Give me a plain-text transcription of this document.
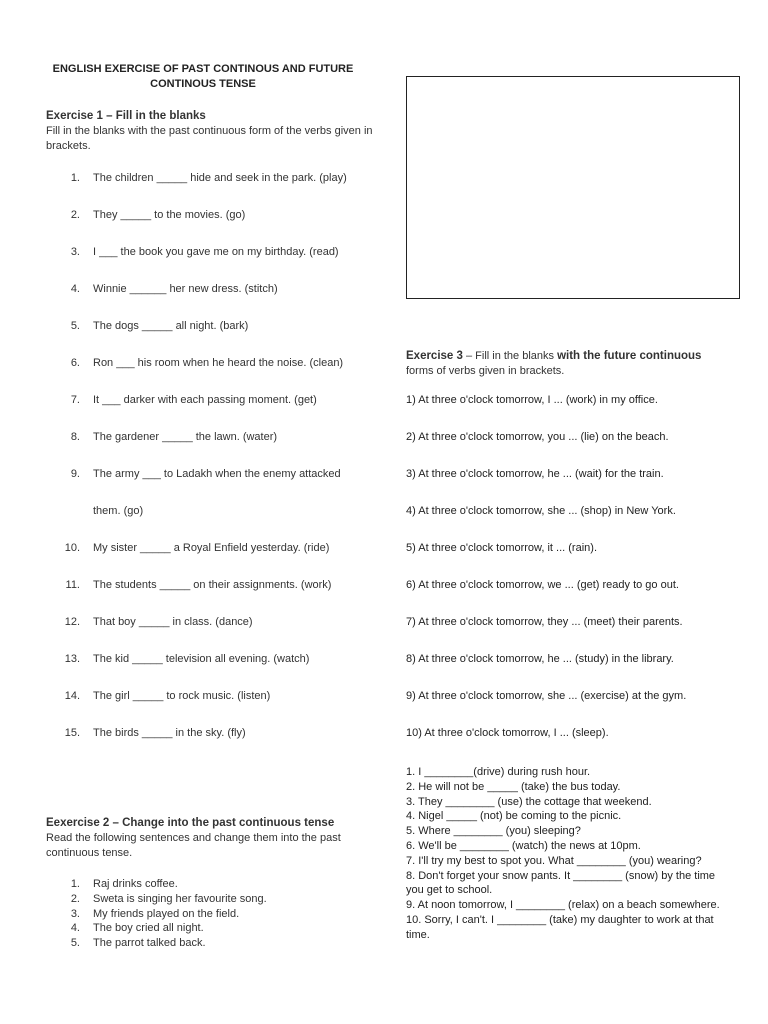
ENGLISH EXERCISE OF PAST CONTINOUS AND FUTURE CONTINOUS TENSE
Exercise 1 – Fill in the blanks
Fill in the blanks with the past continuous form of the verbs given in brackets.
1. The children _____ hide and seek in the park. (play)
2. They _____ to the movies. (go)
3. I ___ the book you gave me on my birthday. (read)
4. Winnie ______ her new dress. (stitch)
5. The dogs _____ all night. (bark)
6. Ron ___ his room when he heard the noise. (clean)
7. It ___ darker with each passing moment. (get)
8. The gardener _____ the lawn. (water)
9. The army ___ to Ladakh when the enemy attacked
them. (go)
10. My sister _____ a Royal Enfield yesterday. (ride)
11. The students _____ on their assignments. (work)
12. That boy _____ in class. (dance)
13. The kid _____ television all evening. (watch)
14. The girl _____ to rock music. (listen)
15. The birds _____ in the sky. (fly)
Eexercise 2 – Change into the past continuous tense
Read the following sentences and change them into the past continuous tense.
1. Raj drinks coffee.
2. Sweta is singing her favourite song.
3. My friends played on the field.
4. The boy cried all night.
5. The parrot talked back.
Exercise 3 – Fill in the blanks with the future continuous
forms of verbs given in brackets.
1) At three o'clock tomorrow, I ... (work) in my office.
2) At three o'clock tomorrow, you ... (lie) on the beach.
3) At three o'clock tomorrow, he ... (wait) for the train.
4) At three o'clock tomorrow, she ... (shop) in New York.
5) At three o'clock tomorrow, it ... (rain).
6) At three o'clock tomorrow, we ... (get) ready to go out.
7) At three o'clock tomorrow, they ... (meet) their parents.
8) At three o'clock tomorrow, he ... (study) in the library.
9) At three o'clock tomorrow, she ... (exercise) at the gym.
10) At three o'clock tomorrow, I ... (sleep).
1. I ________(drive) during rush hour.
2. He will not be _____ (take) the bus today.
3. They ________ (use) the cottage that weekend.
4. Nigel _____ (not) be coming to the picnic.
5. Where ________ (you) sleeping?
6. We'll be ________ (watch) the news at 10pm.
7. I'll try my best to spot you. What ________ (you) wearing?
8. Don't forget your snow pants. It ________ (snow) by the time you get to school.
9. At noon tomorrow, I ________ (relax) on a beach somewhere.
10. Sorry, I can't. I ________ (take) my daughter to work at that time.
